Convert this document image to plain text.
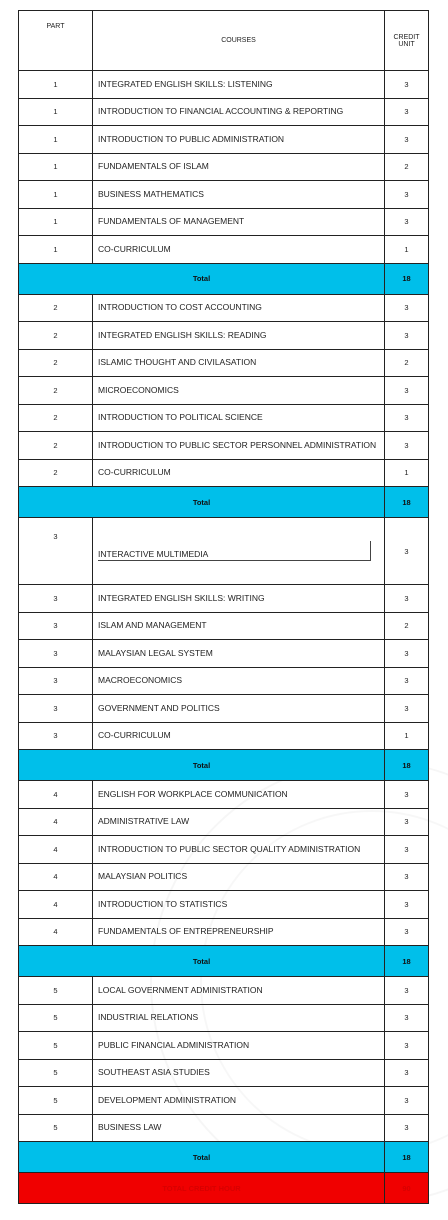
PART	COURSES	CREDIT
UNIT
1	INTEGRATED ENGLISH SKILLS: LISTENING	3
1	INTRODUCTION TO FINANCIAL ACCOUNTING & REPORTING	3
1	INTRODUCTION TO PUBLIC ADMINISTRATION	3
1	FUNDAMENTALS OF ISLAM	2
1	BUSINESS MATHEMATICS	3
1	FUNDAMENTALS OF MANAGEMENT	3
1	CO-CURRICULUM	1
Total		18
2	INTRODUCTION TO COST ACCOUNTING	3
2	INTEGRATED ENGLISH SKILLS: READING	3
2	ISLAMIC THOUGHT AND CIVILASATION	2
2	MICROECONOMICS	3
2	INTRODUCTION TO POLITICAL SCIENCE	3
2	INTRODUCTION TO PUBLIC SECTOR PERSONNEL ADMINISTRATION	3
2	CO-CURRICULUM	1
Total		18
3	INTERACTIVE MULTIMEDIA	3
3	INTEGRATED ENGLISH SKILLS: WRITING	3
3	ISLAM AND MANAGEMENT	2
3	MALAYSIAN LEGAL SYSTEM	3
3	MACROECONOMICS	3
3	GOVERNMENT AND POLITICS	3
3	CO-CURRICULUM	1
Total		18
4	ENGLISH FOR WORKPLACE COMMUNICATION	3
4	ADMINISTRATIVE LAW	3
4	INTRODUCTION TO PUBLIC SECTOR QUALITY ADMINISTRATION	3
4	MALAYSIAN POLITICS	3
4	INTRODUCTION TO STATISTICS	3
4	FUNDAMENTALS OF ENTREPRENEURSHIP	3
Total		18
5	LOCAL GOVERNMENT ADMINISTRATION	3
5	INDUSTRIAL RELATIONS	3
5	PUBLIC FINANCIAL ADMINISTRATION	3
5	SOUTHEAST ASIA STUDIES	3
5	DEVELOPMENT ADMINISTRATION	3
5	BUSINESS LAW	3
Total		18
TOTAL CREDIT HOUR		90
